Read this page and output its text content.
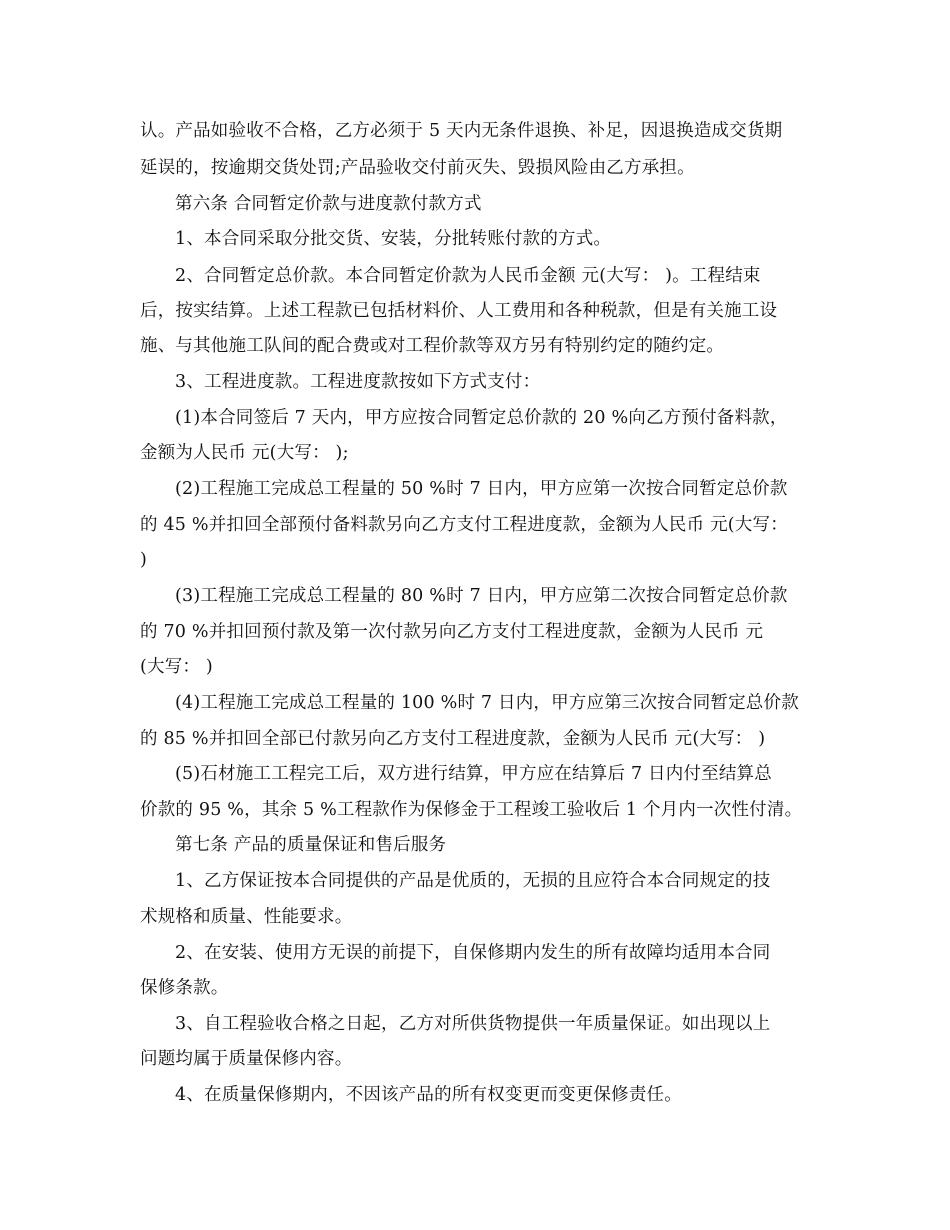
认。产品如验收不合格，乙方必须于 5 天内无条件退换、补足，因退换造成交货期
延误的，按逾期交货处罚;产品验收交付前灭失、毁损风险由乙方承担。
第六条 合同暂定价款与进度款付款方式
1、本合同采取分批交货、安装，分批转账付款的方式。
2、合同暂定总价款。本合同暂定价款为人民币金额 元(大写： )。工程结束
后，按实结算。上述工程款已包括材料价、人工费用和各种税款，但是有关施工设
施、与其他施工队间的配合费或对工程价款等双方另有特别约定的随约定。
3、工程进度款。工程进度款按如下方式支付：
(1)本合同签后 7 天内，甲方应按合同暂定总价款的 20 %向乙方预付备料款，
金额为人民币 元(大写： );
(2)工程施工完成总工程量的 50 %时 7 日内，甲方应第一次按合同暂定总价款
的 45 %并扣回全部预付备料款另向乙方支付工程进度款，金额为人民币 元(大写：
)
(3)工程施工完成总工程量的 80 %时 7 日内，甲方应第二次按合同暂定总价款
的 70 %并扣回预付款及第一次付款另向乙方支付工程进度款，金额为人民币 元
(大写： )
(4)工程施工完成总工程量的 100 %时 7 日内，甲方应第三次按合同暂定总价款
的 85 %并扣回全部已付款另向乙方支付工程进度款，金额为人民币 元(大写： )
(5)石材施工工程完工后，双方进行结算，甲方应在结算后 7 日内付至结算总
价款的 95 %，其余 5 %工程款作为保修金于工程竣工验收后 1 个月内一次性付清。
第七条 产品的质量保证和售后服务
1、乙方保证按本合同提供的产品是优质的，无损的且应符合本合同规定的技
术规格和质量、性能要求。
2、在安装、使用方无误的前提下，自保修期内发生的所有故障均适用本合同
保修条款。
3、自工程验收合格之日起，乙方对所供货物提供一年质量保证。如出现以上
问题均属于质量保修内容。
4、在质量保修期内，不因该产品的所有权变更而变更保修责任。
